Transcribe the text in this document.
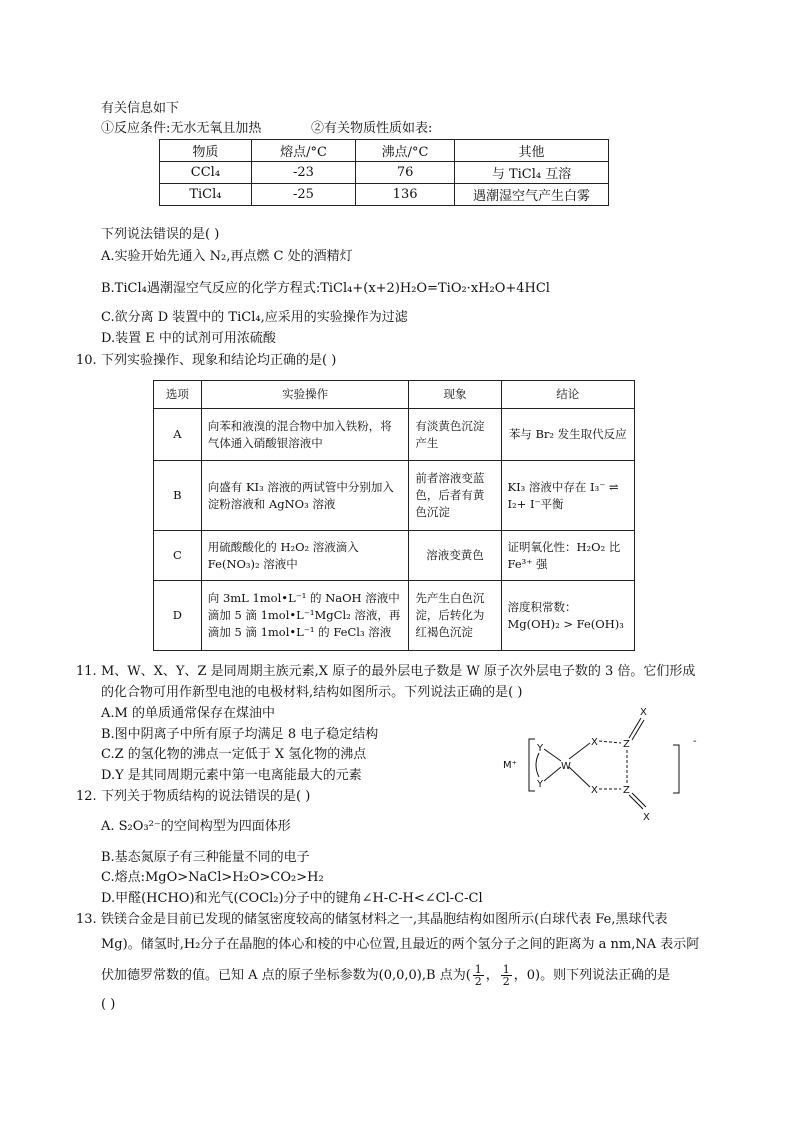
有关信息如下
①反应条件:无水无氧且加热	②有关物质性质如表:
物质	熔点/°C	沸点/°C	其他
CCl₄	-23	76	与 TiCl₄ 互溶
TiCl₄	-25	136	遇潮湿空气产生白雾
下列说法错误的是( )
A.实验开始先通入 N₂,再点燃 C 处的酒精灯
B.TiCl₄遇潮湿空气反应的化学方程式:TiCl₄+(x+2)H₂O=TiO₂·xH₂O+4HCl
C.欲分离 D 装置中的 TiCl₄,应采用的实验操作为过滤
D.装置 E 中的试剂可用浓硫酸
10. 下列实验操作、现象和结论均正确的是( )
选项	实验操作	现象	结论
A	向苯和液溴的混合物中加入铁粉，将气体通入硝酸银溶液中	有淡黄色沉淀产生	苯与 Br₂ 发生取代反应
B	向盛有 KI₃ 溶液的两试管中分别加入淀粉溶液和 AgNO₃ 溶液	前者溶液变蓝色，后者有黄色沉淀	KI₃ 溶液中存在 I₃⁻ ⇌ I₂+ I⁻平衡
C	用硫酸酸化的 H₂O₂ 溶液滴入 Fe(NO₃)₂ 溶液中	溶液变黄色	证明氧化性：H₂O₂ 比 Fe³⁺ 强
D	向 3mL 1mol•L⁻¹ 的 NaOH 溶液中滴加 5 滴 1mol•L⁻¹MgCl₂ 溶液，再滴加 5 滴 1mol•L⁻¹ 的 FeCl₃ 溶液	先产生白色沉淀，后转化为红褐色沉淀	溶度积常数：Mg(OH)₂ > Fe(OH)₃
11. M、W、X、Y、Z 是同周期主族元素,X 原子的最外层电子数是 W 原子次外层电子数的 3 倍。它们形成
的化合物可用作新型电池的电极材料,结构如图所示。下列说法正确的是( )
A.M 的单质通常保存在煤油中
B.图中阴离子中所有原子均满足 8 电子稳定结构
C.Z 的氢化物的沸点一定低于 X 氢化物的沸点
D.Y 是其同周期元素中第一电离能最大的元素
M⁺
-
Y
Y
W
X
X
Z
Z
X
X
12. 下列关于物质结构的说法错误的是( )
A. S₂O₃²⁻的空间构型为四面体形
B.基态氮原子有三种能量不同的电子
C.熔点:MgO>NaCl>H₂O>CO₂>H₂
D.甲醛(HCHO)和光气(COCl₂)分子中的键角∠H-C-H<∠Cl-C-Cl
13. 铁镁合金是目前已发现的储氢密度较高的储氢材料之一,其晶胞结构如图所示(白球代表 Fe,黑球代表
Mg)。储氢时,H₂分子在晶胞的体心和棱的中心位置,且最近的两个氢分子之间的距离为 a nm,NA 表示阿
伏加德罗常数的值。已知 A 点的原子坐标参数为(0,0,0),B 点为( $\frac{1}{2}$ ， $\frac{1}{2}$ ，0)。则下列说法正确的是
( )
